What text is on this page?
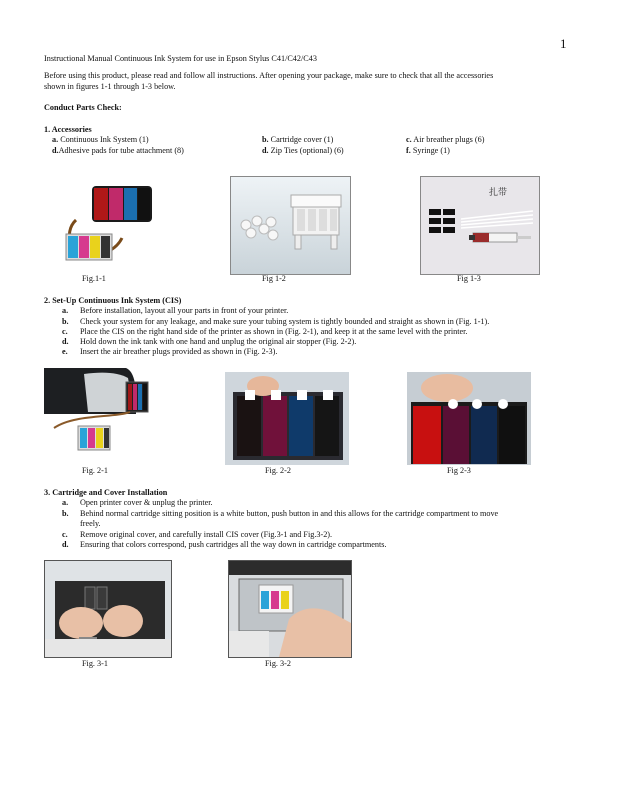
1
Instructional Manual Continuous Ink System for use in Epson Stylus C41/C42/C43
Before using this product, please read and follow all instructions. After opening your package, make sure to check that all the accessories
shown in figures 1-1 through 1-3 below.
Conduct Parts Check:
1. Accessories
a. Continuous Ink System (1)	b. Cartridge cover (1)	c. Air breather plugs (6)
d.Adhesive pads for tube attachment (8)	d. Zip Ties (optional) (6)	f. Syringe (1)
Fig.1-1	Fig 1-2
扎带
Fig 1-3
2. Set-Up Continuous Ink System (CIS)
a. Before installation, layout all your parts in front of your printer.
b. Check your system for any leakage, and make sure your tubing system is tightly bounded and straight as shown in (Fig. 1-1).
c. Place the CIS on the right hand side of the printer as shown in (Fig. 2-1), and keep it at the same level with the printer.
d. Hold down the ink tank with one hand and unplug the original air stopper (Fig. 2-2).
e. Insert the air breather plugs provided as shown in (Fig. 2-3).
Fig. 2-1	Fig. 2-2	Fig 2-3
3. Cartridge and Cover Installation
a. Open printer cover & unplug the printer.
b. Behind normal cartridge sitting position is a white button, push button in and this allows for the cartridge compartment to move
freely.
c. Remove original cover, and carefully install CIS cover (Fig.3-1 and Fig.3-2).
d. Ensuring that colors correspond, push cartridges all the way down in cartridge compartments.
Fig. 3-1	Fig. 3-2
